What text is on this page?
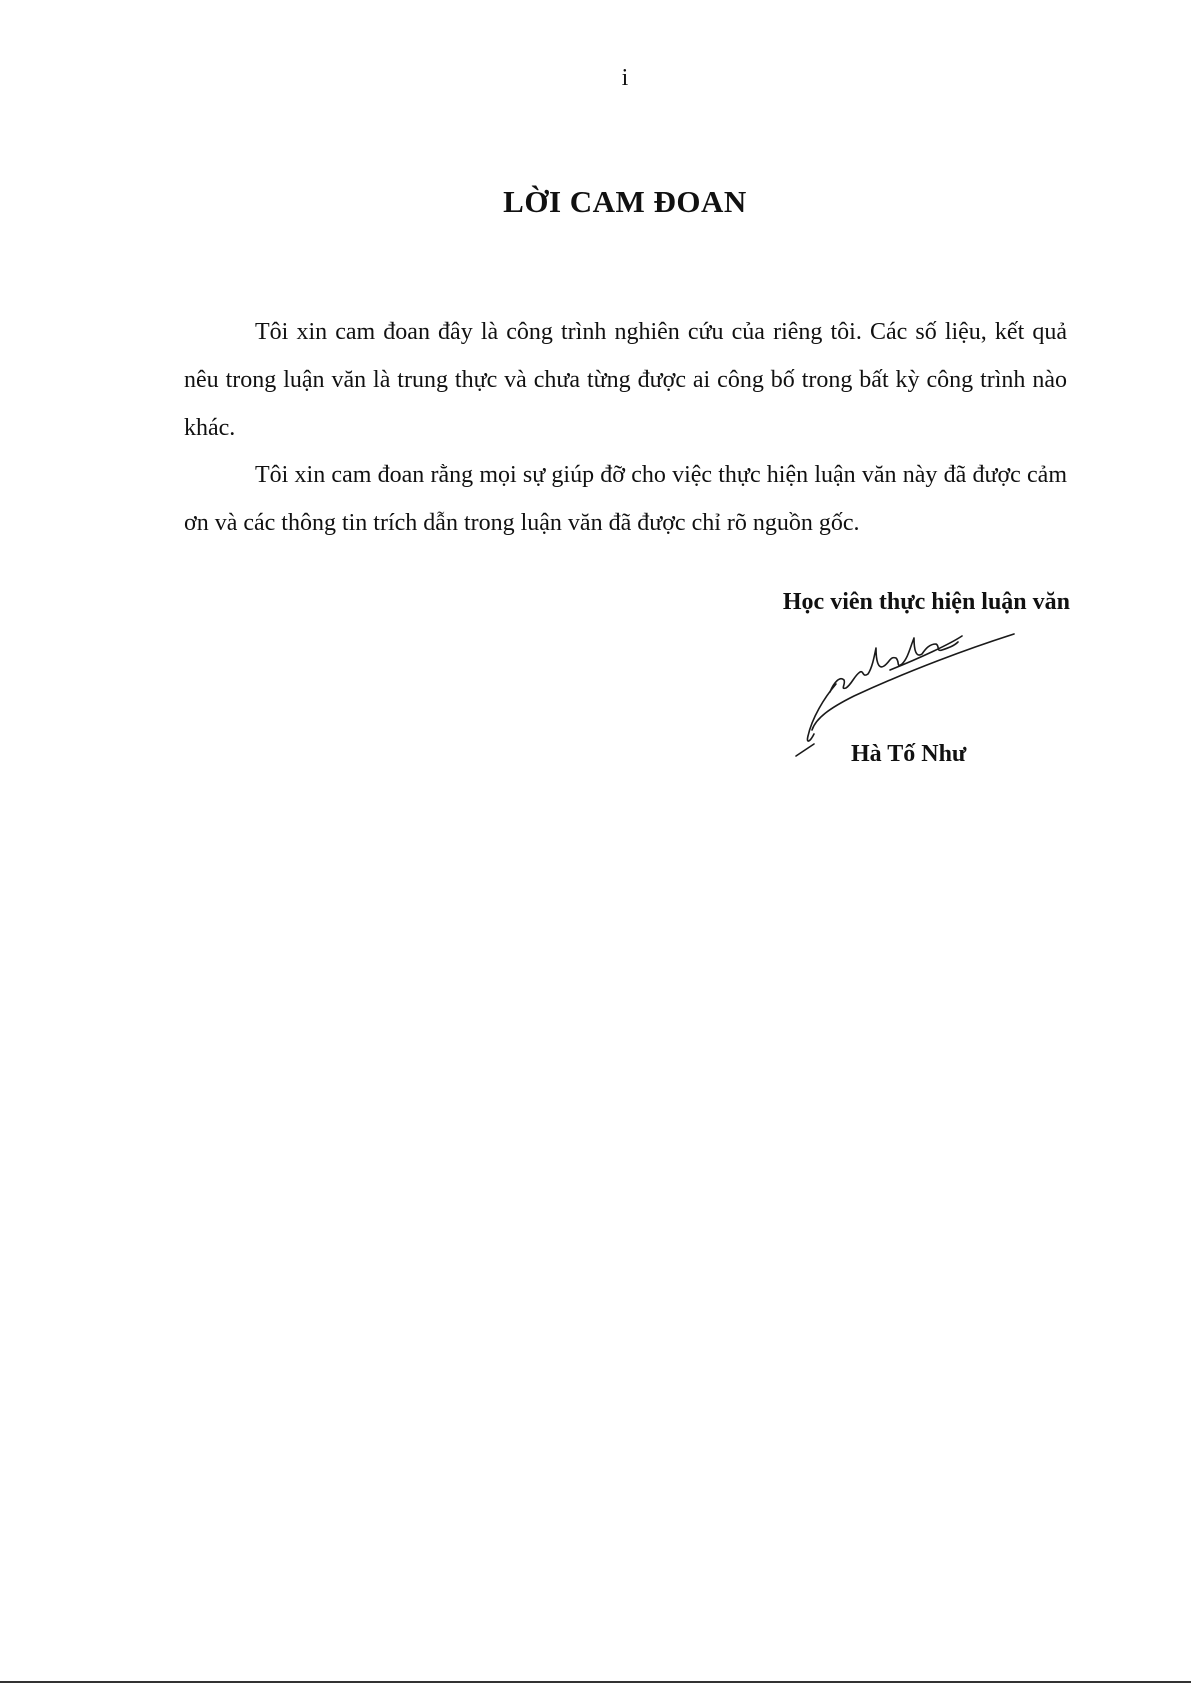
i
LỜI CAM ĐOAN

Tôi xin cam đoan đây là công trình nghiên cứu của riêng tôi. Các số liệu, kết quả nêu trong luận văn là trung thực và chưa từng được ai công bố trong bất kỳ công trình nào khác.

Tôi xin cam đoan rằng mọi sự giúp đỡ cho việc thực hiện luận văn này đã được cảm ơn và các thông tin trích dẫn trong luận văn đã được chỉ rõ nguồn gốc.

Học viên thực hiện luận văn
Hà Tố Như
